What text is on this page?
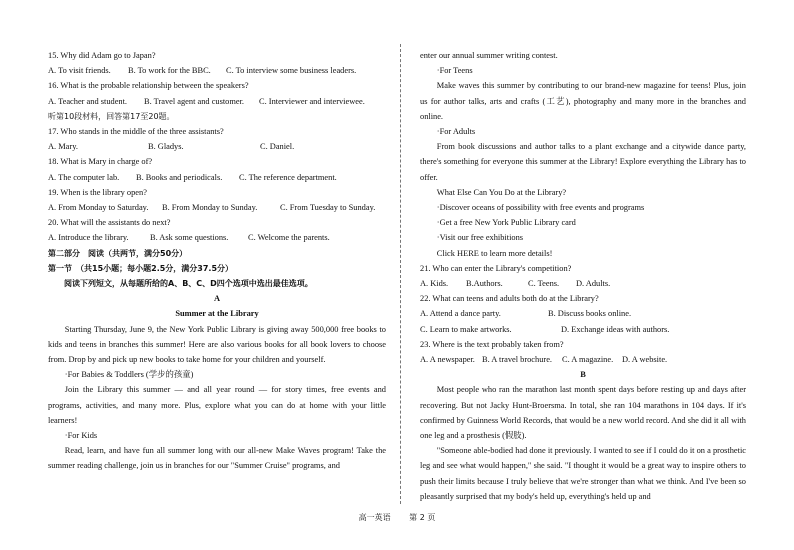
15. Why did Adam go to Japan?
A. To visit friends.	B. To work for the BBC.	C. To interview some business leaders.
16. What is the probable relationship between the speakers?
A. Teacher and student.	B. Travel agent and customer.	C. Interviewer and interviewee.
听第10段材料，回答第17至20题。
17. Who stands in the middle of the three assistants?
A. Mary.	B. Gladys.	C. Daniel.
18. What is Mary in charge of?
A. The computer lab.	B. Books and periodicals.	C. The reference department.
19. When is the library open?
A. From Monday to Saturday.	B. From Monday to Sunday.	C. From Tuesday to Sunday.
20. What will the assistants do next?
A. Introduce the library.	B. Ask some questions.	C. Welcome the parents.
第二部分　阅读（共两节，满分50分）
第一节　（共15小题；每小题2.5分，满分37.5分）
阅读下列短文，从每题所给的A、B、C、D四个选项中选出最佳选项。
A
Summer at the Library
Starting Thursday, June 9, the New York Public Library is giving away 500,000 free books to kids and teens in branches this summer! Here are also various books for all book lovers to choose from. Drop by and pick up new books to take home for your children and yourself.
·For Babies & Toddlers (学步的孩童)
Join the Library this summer — and all year round — for story times, free events and programs, activities, and many more. Plus, explore what you can do at home with your little learners!
·For Kids
Read, learn, and have fun all summer long with our all-new Make Waves program! Take the summer reading challenge, join us in branches for our "Summer Cruise" programs, and
enter our annual summer writing contest.
·For Teens
Make waves this summer by contributing to our brand-new magazine for teens! Plus, join us for author talks, arts and crafts (工艺), photography and many more in the branches and online.
·For Adults
From book discussions and author talks to a plant exchange and a citywide dance party, there's something for everyone this summer at the Library! Explore everything the Library has to offer.
What Else Can You Do at the Library?
·Discover oceans of possibility with free events and programs
·Get a free New York Public Library card
·Visit our free exhibitions
Click HERE to learn more details!
21. Who can enter the Library's competition?
A. Kids.	B.Authors.	C. Teens.	D. Adults.
22. What can teens and adults both do at the Library?
A. Attend a dance party.	B. Discuss books online.
C. Learn to make artworks.	D. Exchange ideas with authors.
23. Where is the text probably taken from?
A. A newspaper. B. A travel brochure.	C. A magazine.	D. A website.
B
Most people who ran the marathon last month spent days before resting up and days after recovering. But not Jacky Hunt-Broersma. In total, she ran 104 marathons in 104 days. If it's confirmed by Guinness World Records, that would be a new world record. And she did it all with one leg and a prosthesis (假肢).
"Someone able-bodied had done it previously. I wanted to see if I could do it on a prosthetic leg and see what would happen," she said. "I thought it would be a great way to inspire others to push their limits because I truly believe that we're stronger than what we think. And I've been so pleasantly surprised that my body's held up, everything's held up and
高一英语 第 2 页
